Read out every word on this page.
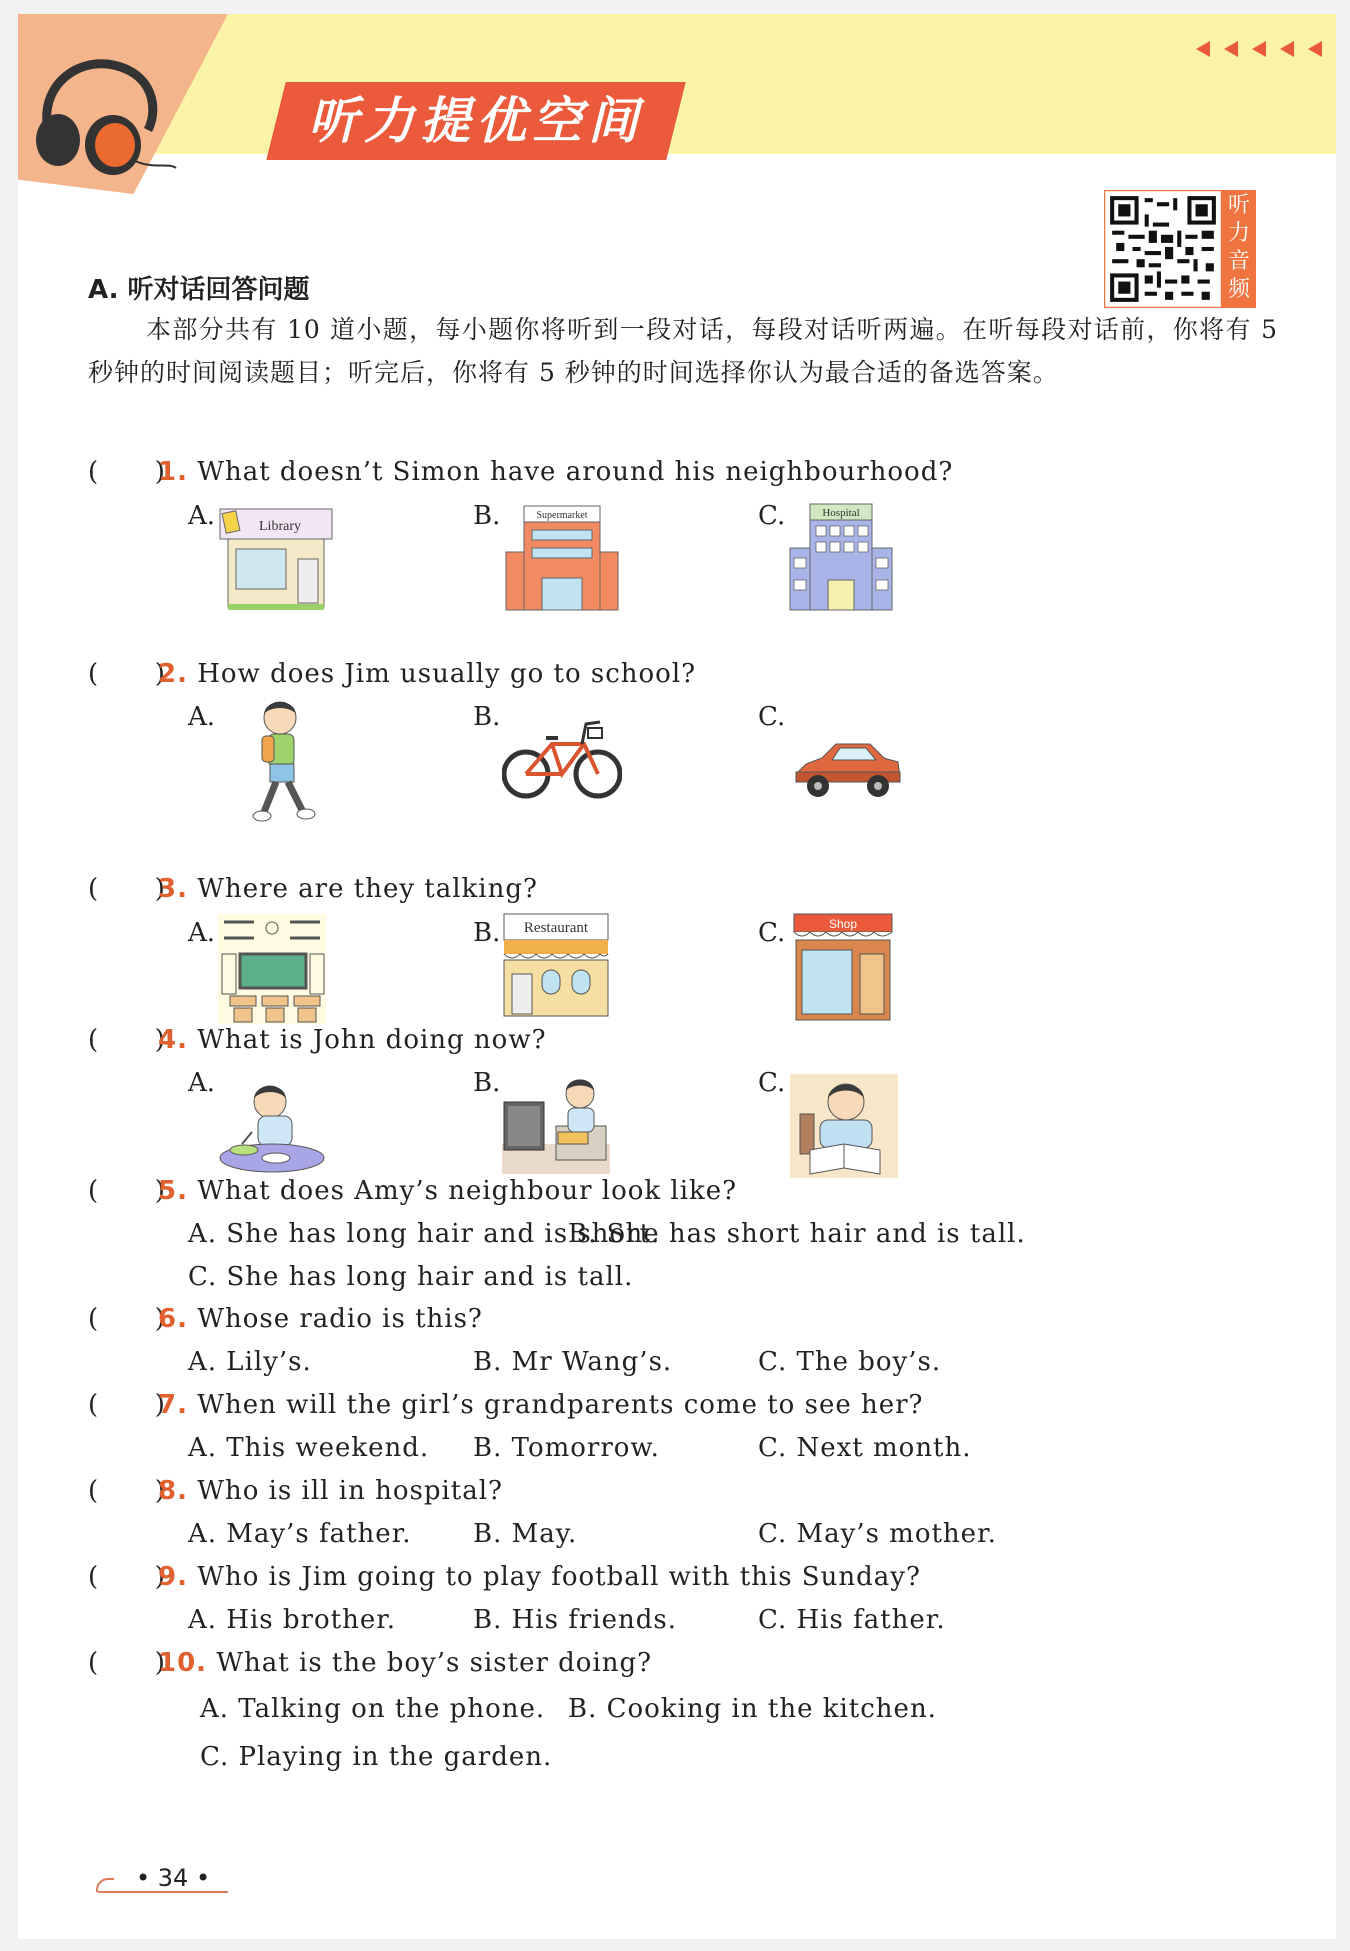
听力提优空间
听
力
音
频
A. 听对话回答问题
本部分共有 10 道小题，每小题你将听到一段对话，每段对话听两遍。在听每段对话前，你将有 5 秒钟的时间阅读题目；听完后，你将有 5 秒钟的时间选择你认为最合适的备选答案。
(      )1. What doesn’t Simon have around his neighbourhood?
A.	B.	C.
Library
Supermarket	Hospital
(      )2. How does Jim usually go to school?
A.	B.	C.
(      )3. Where are they talking?
A.	B.	C.
Restaurant	Shop
(      )4. What is John doing now?
A.	B.	C.
(      )5. What does Amy’s neighbour look like?
A. She has long hair and is short.
B. She has short hair and is tall.
C. She has long hair and is tall.
(      )6. Whose radio is this?
A. Lily’s.	B. Mr Wang’s.	C. The boy’s.
(      )7. When will the girl’s grandparents come to see her?
A. This weekend. B. Tomorrow.	C. Next month.
(      )8. Who is ill in hospital?
A. May’s father. B. May.	C. May’s mother.
(      )9. Who is Jim going to play football with this Sunday?
A. His brother.	B. His friends.	C. His father.
(      )10. What is the boy’s sister doing?
A. Talking on the phone. B. Cooking in the kitchen.
C. Playing in the garden.
• 34 •
